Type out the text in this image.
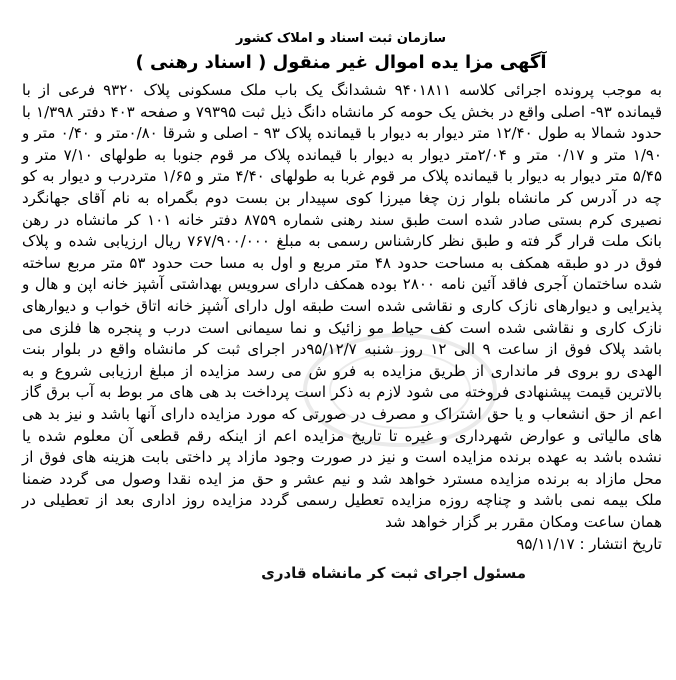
سازمان ثبت اسناد و املاک کشور
آگهی مزا یده اموال غیر منقول ( اسناد رهنی )

به موجب پرونده اجرائی کلاسه ۹۴۰۱۸۱۱ ششدانگ یک باب ملک مسکونی پلاک ۹۳۲۰ فرعی از با قیمانده ۹۳- اصلی واقع در بخش یک حومه کر مانشاه دانگ ذیل ثبت ۷۹۳۹۵ و صفحه ۴۰۳ دفتر ۱/۳۹۸ با حدود شمالا به طول ۱۲/۴۰ متر دیوار به دیوار با قیمانده پلاک ۹۳ - اصلی و شرقا ۰/۸۰متر و ۰/۴۰ متر و ۱/۹۰ متر و ۰/۱۷ متر و ۲/۰۴متر دیوار به دیوار با قیمانده پلاک مر قوم جنوبا به طولهای ۷/۱۰ متر و ۵/۴۵ متر دیوار به دیوار با قیمانده پلاک مر قوم غربا به طولهای ۴/۴۰ متر و ۱/۶۵ متردرب و دیوار به کو چه در آدرس کر مانشاه بلوار زن چغا میرزا کوی سپیدار بن بست دوم بگمراه به نام آقای جهانگرد نصیری کرم بستی صادر شده است طبق سند رهنی شماره ۸۷۵۹ دفتر خانه ۱۰۱ کر مانشاه در رهن بانک ملت قرار گر فته و طبق نظر کارشناس رسمی به مبلغ ۷۶۷/۹۰۰/۰۰۰ ریال ارزیابی شده و پلاک فوق در دو طبقه همکف به مساحت حدود ۴۸ متر مربع و اول به مسا حت حدود ۵۳ متر مربع ساخته شده ساختمان آجری فاقد آئین نامه ۲۸۰۰ بوده همکف دارای سرویس بهداشتی آشپز خانه اپن و هال و پذیرایی و دیوارهای نازک کاری و نقاشی شده است طبقه اول دارای آشپز خانه اتاق خواب و دیوارهای نازک کاری و نقاشی شده است کف حیاط مو زائیک و نما سیمانی است درب و پنجره ها فلزی می باشد پلاک فوق از ساعت ۹ الی ۱۲ روز شنبه ۹۵/۱۲/۷در اجرای ثبت کر مانشاه واقع در بلوار بنت الهدی رو بروی فر مانداری از طریق مزایده به فرو ش می رسد مزایده از مبلغ ارزیابی شروع و به بالاترین قیمت پیشنهادی فروخته می شود لازم به ذکر است پرداخت بد هی های مر بوط به آب برق گاز اعم از حق انشعاب و یا حق اشتراک و مصرف در صورتی که مورد مزایده دارای آنها باشد و نیز بد هی های مالیاتی و عوارض شهرداری و غیره تا تاریخ مزایده اعم از اینکه رقم قطعی آن معلوم شده یا نشده باشد به عهده برنده مزایده است و نیز در صورت وجود مازاد پر داختی بابت هزینه های فوق از محل مازاد به برنده مزایده مسترد خواهد شد و نیم عشر و حق مز ایده نقدا وصول می گردد ضمنا ملک بیمه نمی باشد و چناچه روزه مزایده تعطیل رسمی گردد مزایده روز اداری بعد از تعطیلی در همان ساعت ومکان مقرر بر گزار خواهد شد

تاریخ انتشار : ۹۵/۱۱/۱۷

مسئول اجرای ثبت کر مانشاه قادری
